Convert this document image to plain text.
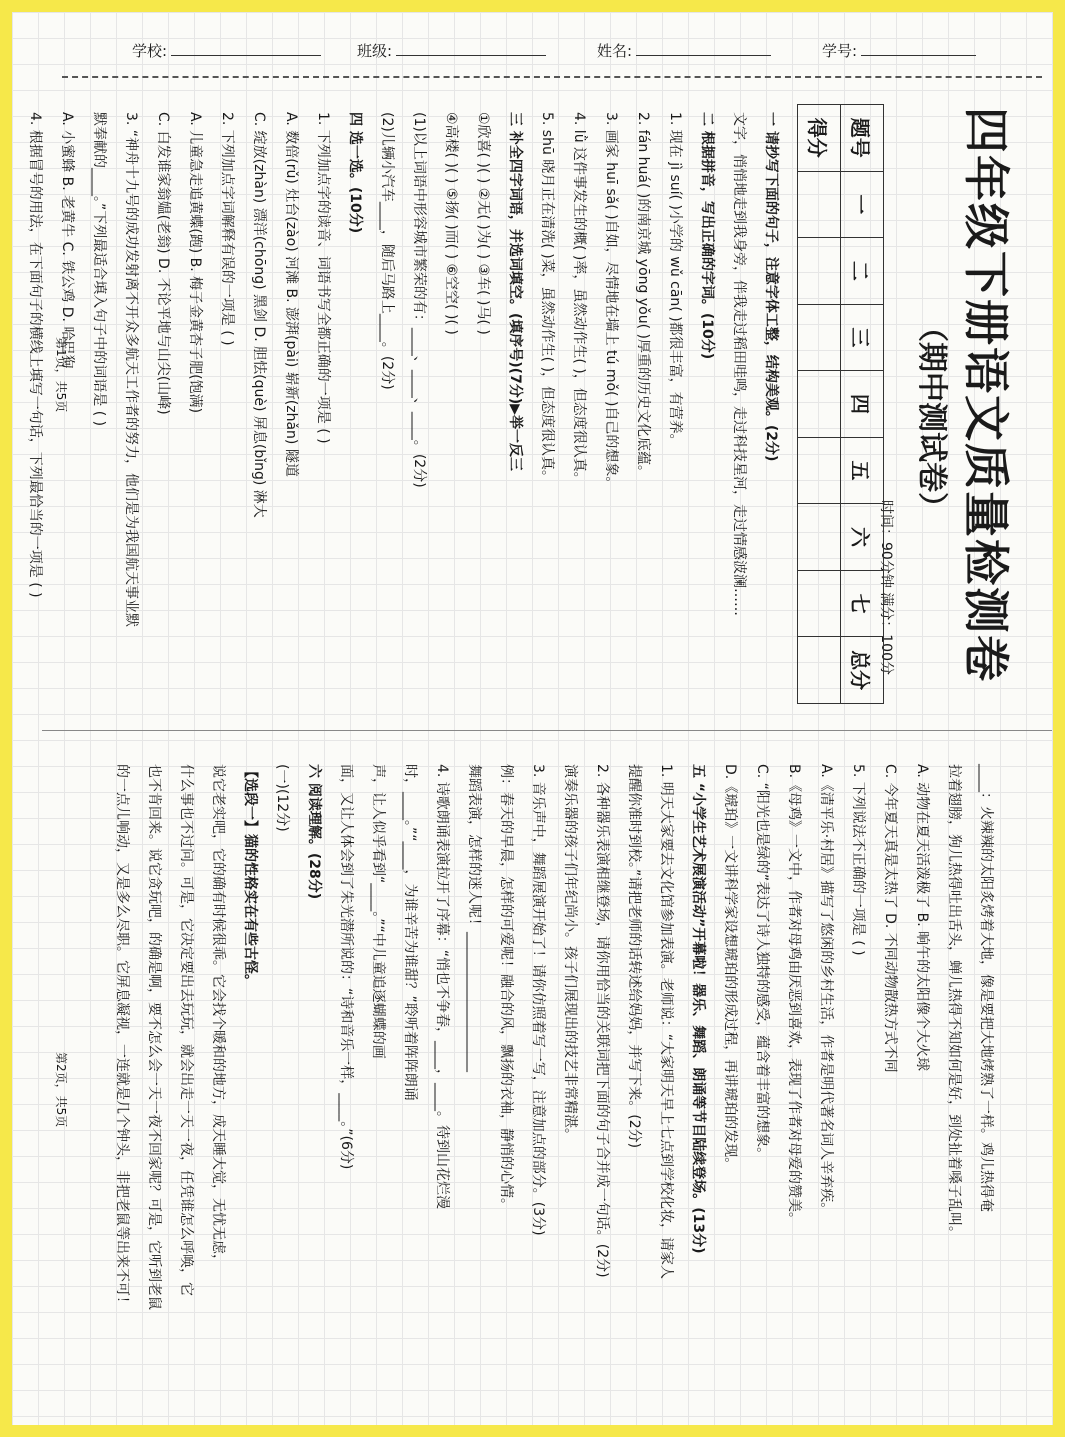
学校:	班级:	姓名:	学号:
四年级下册语文质量检测卷
（期中测试卷）
时间：90分钟 满分：100分
题号	一	二	三	四	五	六	七	总分
得分								

一 请抄写下面的句子，注意字体工整，结构美观。(2分)

文字，悄悄地走到我身旁，伴我走过稻田哇鸣，走过科技星河，走过情感波澜……

二 根据拼音，写出正确的字词。(10分)

1. 现在 jì suí( )小学的 wǔ cān( )都很丰富，有营养。

2. fán huá( )的南京城 yōng yǒu( )厚重的历史文化底蕴。

3. 画家 huī sǎ( )自如，尽情地在墙上 tú mǒ( )自己的想象。

4. lǜ 这件事发生的概( )率，虽然动作生( )，但态度很认真。

5. shū 晓月正在清洗( )菜，虽然动作生( )，但态度很认真。

三 补全四字词语，并选词填空。(填序号)(7分)▶举一反三

①欣喜( )( ) ②无( )为( ) ③车( )马( )

④高楼( )( ) ⑤扬( )而( ) ⑥空空( )( )

(1)以上词语中形容城市繁荣的有：____、____、____。(2分)

(2)儿辆小汽车____，随后马路上____。(2分)

四 选一选。(10分)

1. 下列加点字的读音、词语书写全都正确的一项是 ( )

A. 数倍(rǔ) 灶台(zào) 河滩 B. 澎湃(pài) 崭新(zhǎn) 隧道

C. 绽放(zhàn) 漂洋(chōng) 黑剑 D. 胆怯(què) 屏息(bǐng) 淋大

2. 下列加点字词解释有误的一项是 ( )

A. 儿童急走追黄蝶(跑) B. 梅子金黄杏子肥(饱满)

C. 白发谁家翁媪(老翁) D. 不论平地与山尖(山峰)

3. “神舟十九号的成功发射离不开众多航天工作者的努力，他们是为我国航天事业默

默奉献的____。”下列最适合填入句子中的词语是 ( )

A. 小蜜蜂 B. 老黄牛 C. 铁公鸡 D. 哈巴狗

4. 根据冒号的用法，在下面句子的横线上填写一句话，下列最恰当的一项是 ( ) 第1页，共5页

____：火辣辣的太阳炙烤着大地，像是要把大地烤熟了一样。鸡儿热得奄

拉着翅膀，狗儿热得吐出舌头，蝉儿热得不知如何是好，到处扯着嗓子乱叫。

A. 动物在夏天活泼极了 B. 晌午的太阳像个大火球

C. 今年夏天真是太热了 D. 不同动物散热方式不同

5. 下列说法不正确的一项是 ( )

A.《清平乐·村居》描写了悠闲的乡村生活，作者是明代著名词人辛弃疾。

B.《母鸡》一文中，作者对母鸡由厌恶到喜欢，表现了作者对母爱的赞美。

C. “阳光也是绿的”表达了诗人独特的感受，蕴含着丰富的想象。

D.《琥珀》一文讲科学家设想琥珀的形成过程，再讲琥珀的发现。

五 “小学生艺术展演活动”开幕啦！器乐、舞蹈、朗诵等节目陆续登场。(13分)

1. 明天大家要去文化馆参加表演。老师说：“大家明天早上七点到学校化妆，请家人

提醒你准时到校。”请把老师的话转述给妈妈，并写下来。(2分)

2. 各种器乐表演相继登场，请你用恰当的关联词把下面的句子合并成一句话。(2分)

演奏乐器的孩子们年纪尚小。孩子们展现出的技艺非常精湛。

3. 音乐声中，舞蹈展演开始了！请你仿照着写一写，注意加点的部分。(3分)

例：春天的早晨，怎样的可爱呢！融合的风，飘扬的衣袖，静悄的心情。

舞蹈表演，怎样的迷人呢！____________________

4. 诗歌朗诵表演拉开了序幕：“悄也不争春，____，____。待到山花烂漫

时，____。”“____，为谁辛苦为谁甜？”聆听着阵阵朗诵

声，让人似乎看到“____。”“中儿童追逐蝴蝶的画

面，又让人体会到了朱光潜所说的：“诗和音乐一样，____。”(6分)

六 阅读理解。(28分)

(一)(12分)

【选段一】猫的性格实在有些古怪。

说它老实吧，它的确有时候很乖。它会找个暖和的地方，成天睡大觉，无忧无虑，

什么事也不过问。可是，它决定要出去玩玩，就会出走一天一夜，任凭谁怎么呼唤，它

也不肯回来。说它贪玩吧，的确是啊，要不怎么会一天一夜不回家呢？可是，它听到老鼠

的一点儿响动，又是多么尽职。它屏息凝视，一连就是几个钟头，非把老鼠等出来不可！

第2页，共5页
